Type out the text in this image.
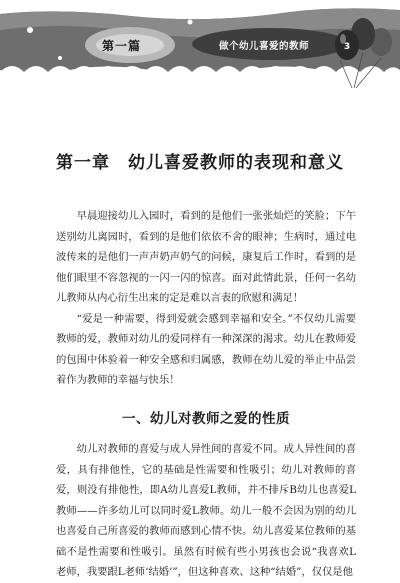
第一篇	做个幼儿喜爱的教师	3
第一章　幼儿喜爱教师的表现和意义

早晨迎接幼儿入园时，看到的是他们一张张灿烂的笑脸；下午送别幼儿离园时，看到的是他们依依不舍的眼神；生病时，通过电波传来的是他们一声声奶声奶气的问候，康复后工作时，看到的是他们眼里不容忽视的一闪一闪的惊喜。面对此情此景，任何一名幼儿教师从内心衍生出来的定是难以言表的欣慰和满足！

“爱是一种需要，得到爱就会感到幸福和安全。”不仅幼儿需要教师的爱，教师对幼儿的爱同样有一种深深的渴求。幼儿在教师爱的包围中体验着一种安全感和归属感，教师在幼儿爱的举止中品尝着作为教师的幸福与快乐！

一、幼儿对教师之爱的性质

幼儿对教师的喜爱与成人异性间的喜爱不同。成人异性间的喜爱，具有排他性，它的基础是性需要和性吸引；幼儿对教师的喜爱，则没有排他性，即A幼儿喜爱L教师，并不排斥B幼儿也喜爱L教师——许多幼儿可以同时爱L教师。幼儿一般不会因为别的幼儿也喜爱自己所喜爱的教师而感到心情不快。幼儿喜爱某位教师的基础不是性需要和性吸引。虽然有时候有些小男孩也会说“我喜欢L老师，我要跟L老师‘结婚’”，但这种喜欢、这种“结婚”，仅仅是他
